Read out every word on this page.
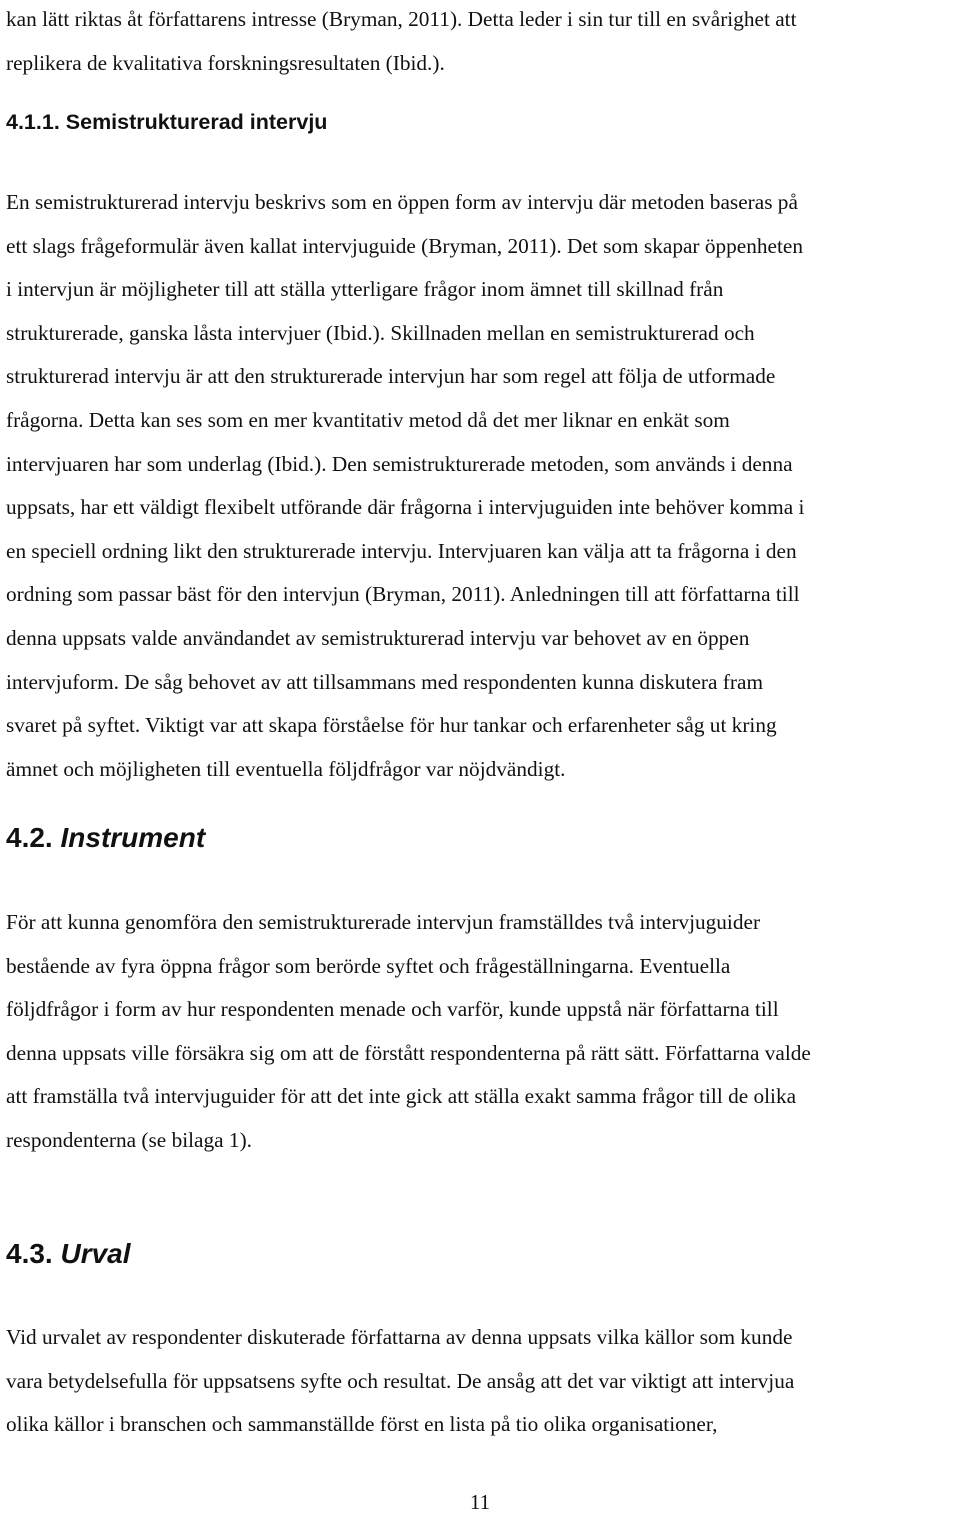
kan lätt riktas åt författarens intresse (Bryman, 2011). Detta leder i sin tur till en svårighet att
replikera de kvalitativa forskningsresultaten (Ibid.).
4.1.1. Semistrukturerad intervju
En semistrukturerad intervju beskrivs som en öppen form av intervju där metoden baseras på
ett slags frågeformulär även kallat intervjuguide (Bryman, 2011). Det som skapar öppenheten
i intervjun är möjligheter till att ställa ytterligare frågor inom ämnet till skillnad från
strukturerade, ganska låsta intervjuer (Ibid.). Skillnaden mellan en semistrukturerad och
strukturerad intervju är att den strukturerade intervjun har som regel att följa de utformade
frågorna. Detta kan ses som en mer kvantitativ metod då det mer liknar en enkät som
intervjuaren har som underlag (Ibid.). Den semistrukturerade metoden, som används i denna
uppsats, har ett väldigt flexibelt utförande där frågorna i intervjuguiden inte behöver komma i
en speciell ordning likt den strukturerade intervju. Intervjuaren kan välja att ta frågorna i den
ordning som passar bäst för den intervjun (Bryman, 2011). Anledningen till att författarna till
denna uppsats valde användandet av semistrukturerad intervju var behovet av en öppen
intervjuform. De såg behovet av att tillsammans med respondenten kunna diskutera fram
svaret på syftet. Viktigt var att skapa förståelse för hur tankar och erfarenheter såg ut kring
ämnet och möjligheten till eventuella följdfrågor var nöjdvändigt.
4.2. Instrument
För att kunna genomföra den semistrukturerade intervjun framställdes två intervjuguider
bestående av fyra öppna frågor som berörde syftet och frågeställningarna. Eventuella
följdfrågor i form av hur respondenten menade och varför, kunde uppstå när författarna till
denna uppsats ville försäkra sig om att de förstått respondenterna på rätt sätt. Författarna valde
att framställa två intervjuguider för att det inte gick att ställa exakt samma frågor till de olika
respondenterna (se bilaga 1).
4.3. Urval
Vid urvalet av respondenter diskuterade författarna av denna uppsats vilka källor som kunde
vara betydelsefulla för uppsatsens syfte och resultat. De ansåg att det var viktigt att intervjua
olika källor i branschen och sammanställde först en lista på tio olika organisationer,
11
